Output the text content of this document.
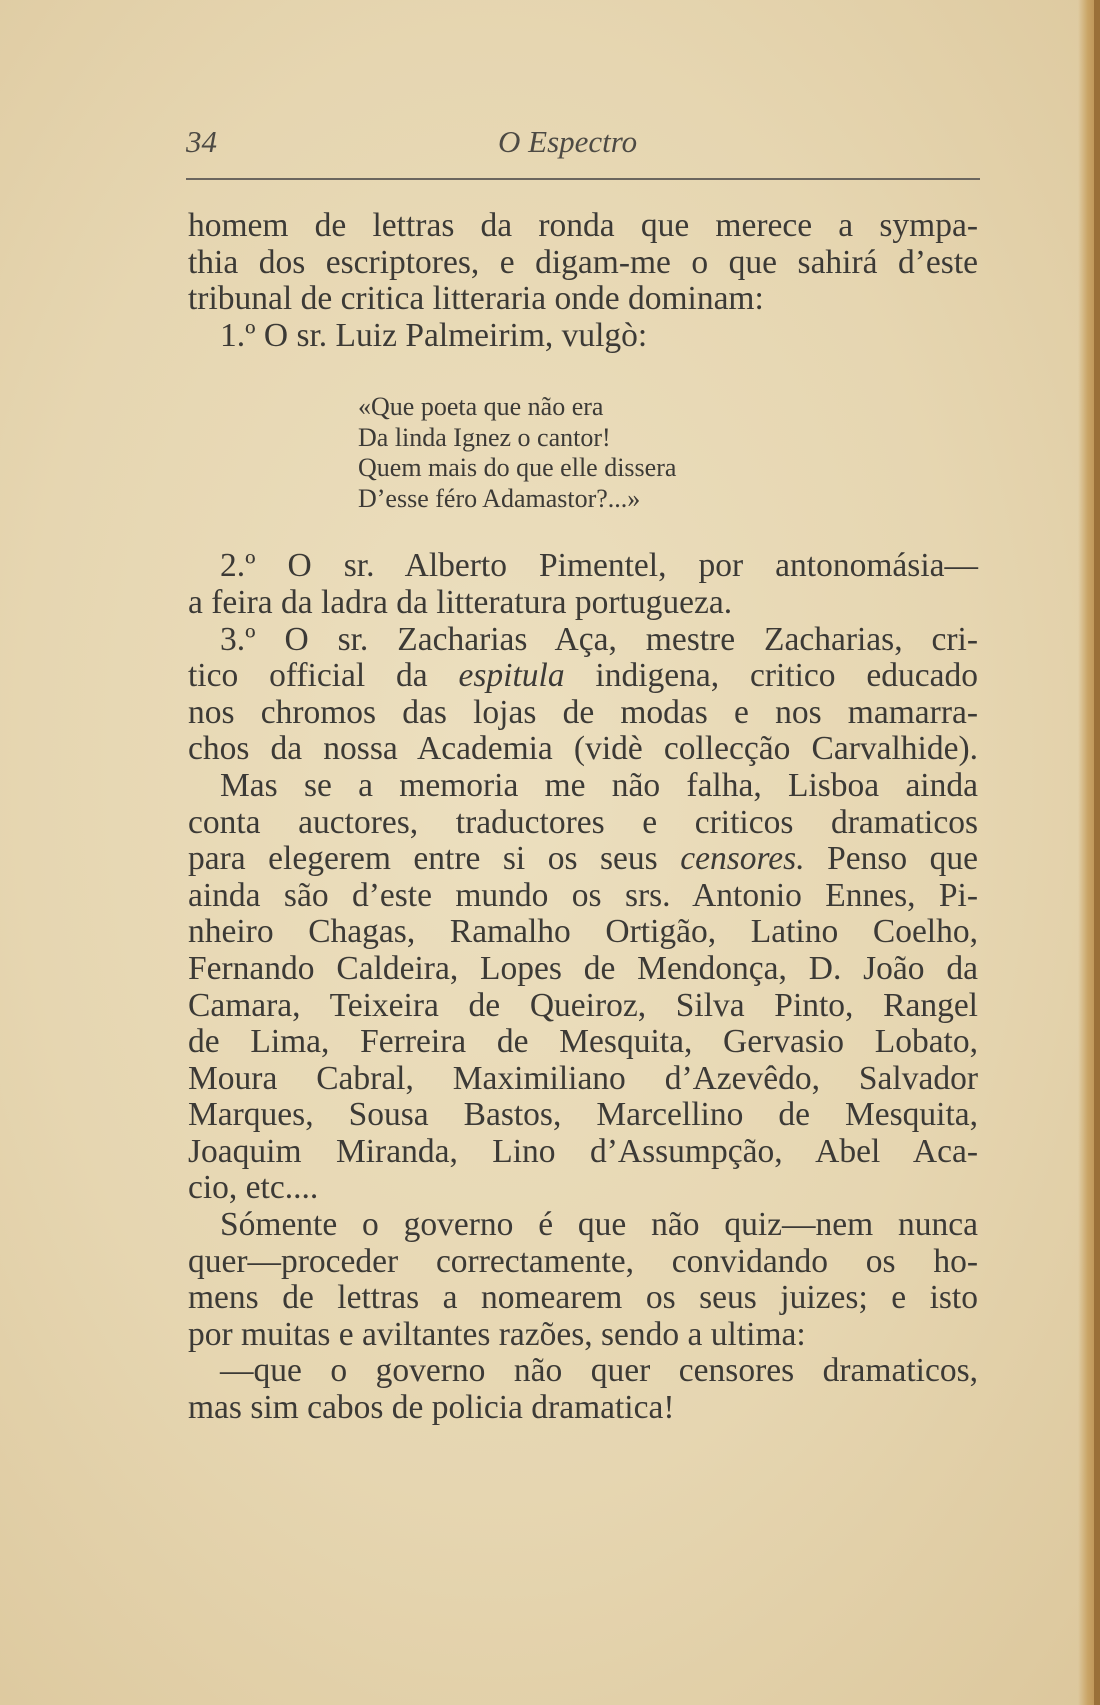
34	O Espectro
homem de lettras da ronda que merece a sympa-
thia dos escriptores, e digam-me o que sahirá d’este
tribunal de critica litteraria onde dominam:
1.º O sr. Luiz Palmeirim, vulgò:
«Que poeta que não era
Da linda Ignez o cantor!
Quem mais do que elle dissera
D’esse féro Adamastor?...»
2.º O sr. Alberto Pimentel, por antonomásia—
a feira da ladra da litteratura portugueza.
3.º O sr. Zacharias Aça, mestre Zacharias, cri-
tico official da espitula indigena, critico educado
nos chromos das lojas de modas e nos mamarra-
chos da nossa Academia (vidè collecção Carvalhide).
Mas se a memoria me não falha, Lisboa ainda
conta auctores, traductores e criticos dramaticos
para elegerem entre si os seus censores. Penso que
ainda são d’este mundo os srs. Antonio Ennes, Pi-
nheiro Chagas, Ramalho Ortigão, Latino Coelho,
Fernando Caldeira, Lopes de Mendonça, D. João da
Camara, Teixeira de Queiroz, Silva Pinto, Rangel
de Lima, Ferreira de Mesquita, Gervasio Lobato,
Moura Cabral, Maximiliano d’Azevêdo, Salvador
Marques, Sousa Bastos, Marcellino de Mesquita,
Joaquim Miranda, Lino d’Assumpção, Abel Aca-
cio, etc....
Sómente o governo é que não quiz—nem nunca
quer—proceder correctamente, convidando os ho-
mens de lettras a nomearem os seus juizes; e isto
por muitas e aviltantes razões, sendo a ultima:
—que o governo não quer censores dramaticos,
mas sim cabos de policia dramatica!
